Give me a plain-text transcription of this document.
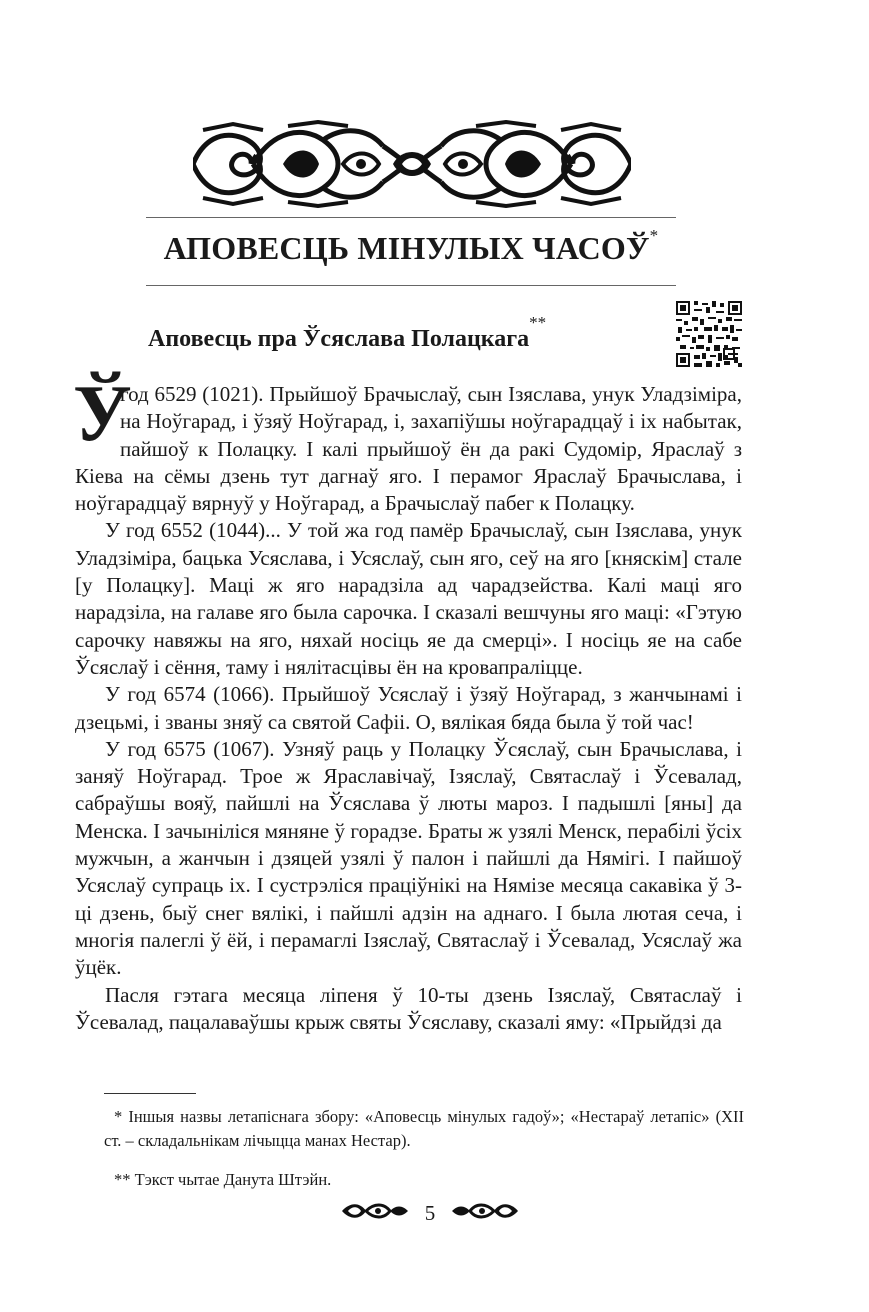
АПОВЕСЦЬ МІНУЛЫХ ЧАСОЎ*
Аповесць пра Ўсяслава Полацкага**

Ў
год 6529 (1021). Прыйшоў Брачыслаў, сын Ізяслава, унук Уладзіміра, на Ноўгарад, і ўзяў Ноўгарад, і, захапіўшы ноўгарадцаў і іх набытак, пайшоў к Полацку. І калі прыйшоў ён да ракі Судомір, Яраслаў з Кіева на сёмы дзень тут дагнаў яго. І перамог Яраслаў Брачыслава, і ноўгарадцаў вярнуў у Ноўгарад, а Брачыслаў пабег к Полацку.

У год 6552 (1044)... У той жа год памёр Брачыслаў, сын Ізяслава, унук Уладзіміра, бацька Усяслава, і Усяслаў, сын яго, сеў на яго [княскім] стале [у Полацку]. Маці ж яго нарадзіла ад чарадзейства. Калі маці яго нарадзіла, на галаве яго была сарочка. І сказалі вешчуны яго маці: «Гэтую сарочку навяжы на яго, няхай носіць яе да смерці». І носіць яе на сабе Ўсяслаў і сёння, таму і нялітасцівы ён на кровапраліцце.

У год 6574 (1066). Прыйшоў Усяслаў і ўзяў Ноўгарад, з жанчынамі і дзецьмі, і званы зняў са святой Сафіі. О, вялікая бяда была ў той час!

У год 6575 (1067). Узняў раць у Полацку Ўсяслаў, сын Брачыслава, і заняў Ноўгарад. Трое ж Яраславічаў, Ізяслаў, Святаслаў і Ўсевалад, сабраўшы вояў, пайшлі на Ўсяслава ў люты мароз. І падышлі [яны] да Менска. І зачыніліся мяняне ў горадзе. Браты ж узялі Менск, перабілі ўсіх мужчын, а жанчын і дзяцей узялі ў палон і пайшлі да Нямігі. І пайшоў Усяслаў супраць іх. І сустрэліся праціўнікі на Нямізе месяца сакавіка ў 3-ці дзень, быў снег вялікі, і пайшлі адзін на аднаго. І была лютая сеча, і многія палеглі ў ёй, і перамаглі Ізяслаў, Святаслаў і Ўсевалад, Усяслаў жа ўцёк.

Пасля гэтага месяца ліпеня ў 10-ты дзень Ізяслаў, Святаслаў і Ўсевалад, пацалаваўшы крыж святы Ўсяславу, сказалі яму: «Прыйдзі да

* Іншыя назвы летапіснага збору: «Аповесць мінулых гадоў»; «Нестараў летапіс» (XII ст. – складальнікам лічыцца манах Нестар).

** Тэкст чытае Данута Штэйн.

5
